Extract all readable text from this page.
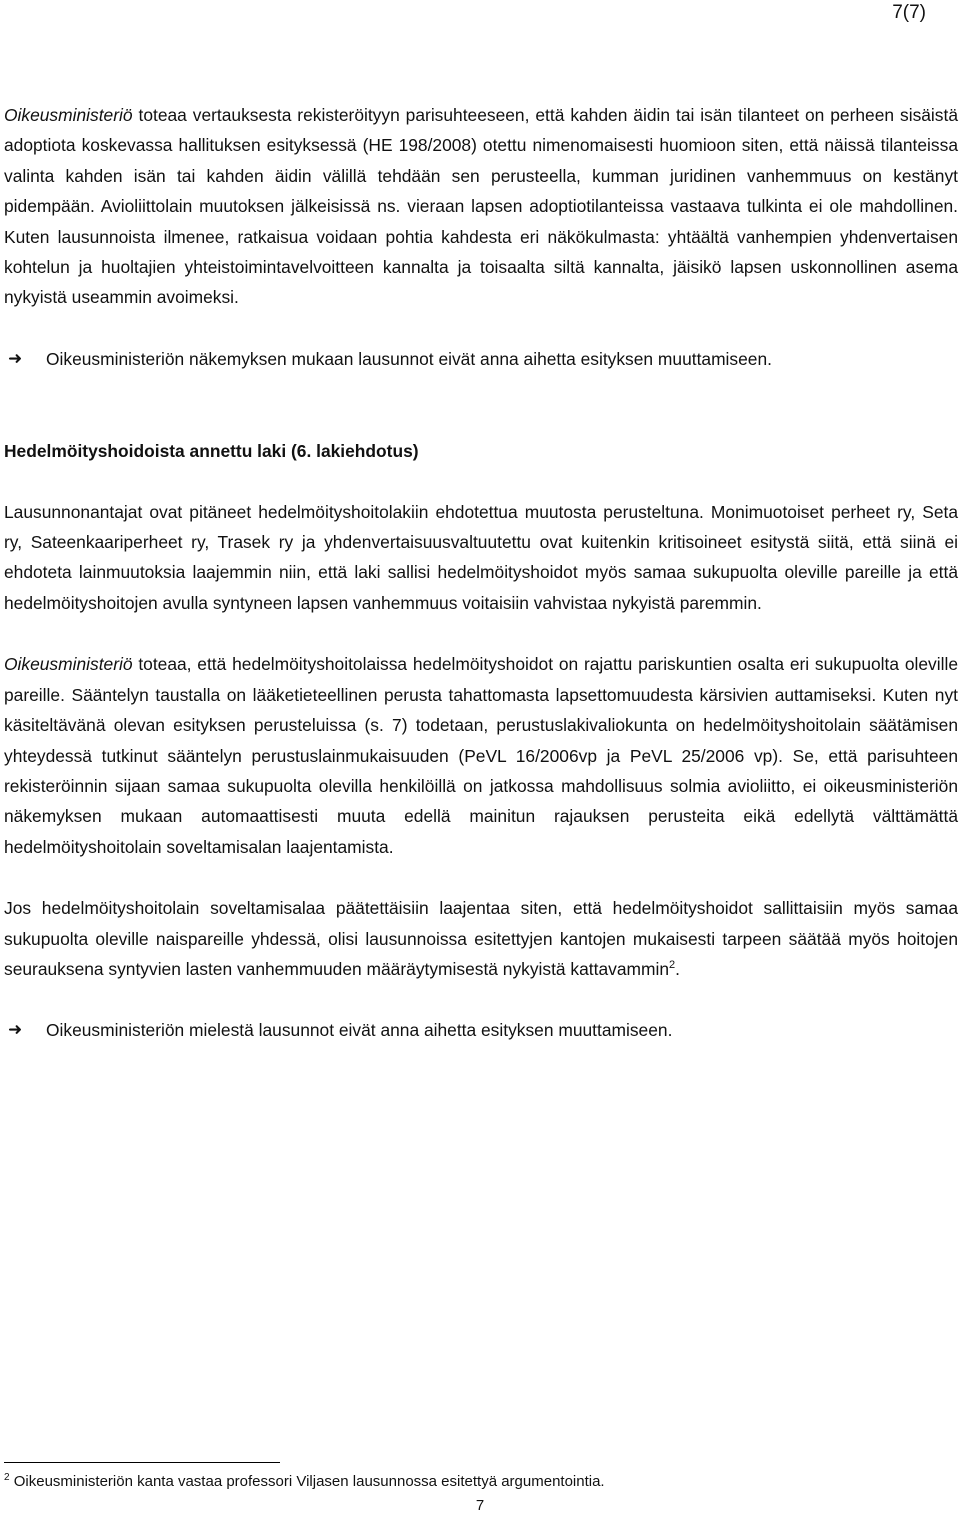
7(7)

Oikeusministeriö toteaa vertauksesta rekisteröityyn parisuhteeseen, että kahden äidin tai isän tilanteet on perheen sisäistä adoptiota koskevassa hallituksen esityksessä (HE 198/2008) otettu nimenomaisesti huomioon siten, että näissä tilanteissa valinta kahden isän tai kahden äidin välillä tehdään sen perusteella, kumman juridinen vanhemmuus on kestänyt pidempään. Avioliittolain muutoksen jälkeisissä ns. vieraan lapsen adoptiotilanteissa vastaava tulkinta ei ole mahdollinen. Kuten lausunnoista ilmenee, ratkaisua voidaan pohtia kahdesta eri näkökulmasta: yhtäältä vanhempien yhdenvertaisen kohtelun ja huoltajien yhteistoimintavelvoitteen kannalta ja toisaalta siltä kannalta, jäisikö lapsen uskonnollinen asema nykyistä useammin avoimeksi.

➜	Oikeusministeriön näkemyksen mukaan lausunnot eivät anna aihetta esityksen muuttamiseen.
Hedelmöityshoidoista annettu laki (6. lakiehdotus)

Lausunnonantajat ovat pitäneet hedelmöityshoitolakiin ehdotettua muutosta perusteltuna. Monimuotoiset perheet ry, Seta ry, Sateenkaariperheet ry, Trasek ry ja yhdenvertaisuusvaltuutettu ovat kuitenkin kritisoineet esitystä siitä, että siinä ei ehdoteta lainmuutoksia laajemmin niin, että laki sallisi hedelmöityshoidot myös samaa sukupuolta oleville pareille ja että hedelmöityshoitojen avulla syntyneen lapsen vanhemmuus voitaisiin vahvistaa nykyistä paremmin.

Oikeusministeriö toteaa, että hedelmöityshoitolaissa hedelmöityshoidot on rajattu pariskuntien osalta eri sukupuolta oleville pareille. Sääntelyn taustalla on lääketieteellinen perusta tahattomasta lapsettomuudesta kärsivien auttamiseksi. Kuten nyt käsiteltävänä olevan esityksen perusteluissa (s. 7) todetaan, perustuslakivaliokunta on hedelmöityshoitolain säätämisen yhteydessä tutkinut sääntelyn perustuslainmukaisuuden (PeVL 16/2006vp ja PeVL 25/2006 vp). Se, että parisuhteen rekisteröinnin sijaan samaa sukupuolta olevilla henkilöillä on jatkossa mahdollisuus solmia avioliitto, ei oikeusministeriön näkemyksen mukaan automaattisesti muuta edellä mainitun rajauksen perusteita eikä edellytä välttämättä hedelmöityshoitolain soveltamisalan laajentamista.

Jos hedelmöityshoitolain soveltamisalaa päätettäisiin laajentaa siten, että hedelmöityshoidot sallittaisiin myös samaa sukupuolta oleville naispareille yhdessä, olisi lausunnoissa esitettyjen kantojen mukaisesti tarpeen säätää myös hoitojen seurauksena syntyvien lasten vanhemmuuden määräytymisestä nykyistä kattavammin$^2$.

➜	Oikeusministeriön mielestä lausunnot eivät anna aihetta esityksen muuttamiseen.
$^2$ Oikeusministeriön kanta vastaa professori Viljasen lausunnossa esitettyä argumentointia.
7
